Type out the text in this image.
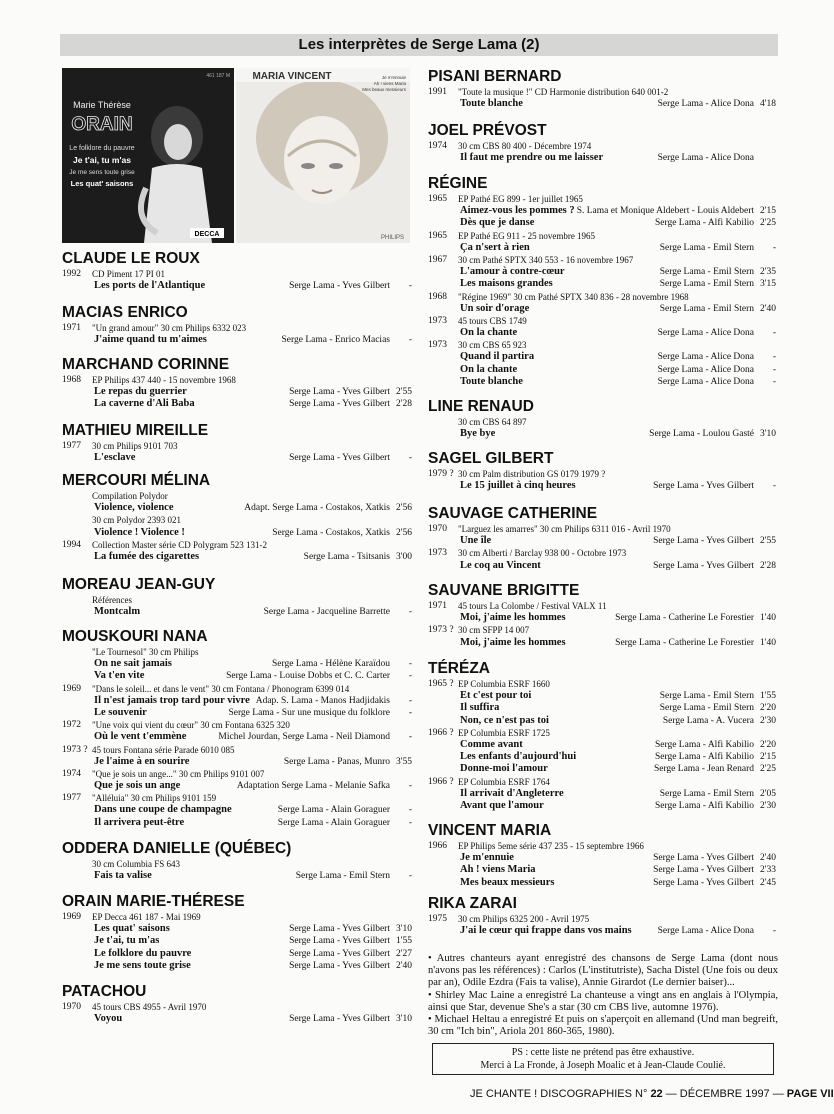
Les interprètes de Serge Lama (2)
461 187 M
Marie Thérèse
ORAIN
Le folklore du pauvre
Je t'ai, tu m'as
Je me sens toute grise
Les quat' saisons
DECCA
MARIA VINCENT	Je m'ennuie
Ah ! viens Maria
Mes beaux messieurs
PHILIPS
CLAUDE LE ROUX
1992	CD Piment 17 PI 01
Les ports de l'Atlantique	Serge Lama - Yves Gilbert	-
MACIAS ENRICO
1971	"Un grand amour" 30 cm Philips 6332 023
J'aime quand tu m'aimes	Serge Lama - Enrico Macias	-
MARCHAND CORINNE
1968	EP Philips 437 440 - 15 novembre 1968
Le repas du guerrier	Serge Lama - Yves Gilbert 2'55
La caverne d'Ali Baba	Serge Lama - Yves Gilbert 2'28
MATHIEU MIREILLE
1977	30 cm Philips 9101 703
L'esclave	Serge Lama - Yves Gilbert	-
MERCOURI MÉLINA
Compilation Polydor
Violence, violence	Adapt. Serge Lama - Costakos, Xatkis 2'56
30 cm Polydor 2393 021
Violence ! Violence !	Serge Lama - Costakos, Xatkis 2'56
1994	Collection Master série CD Polygram 523 131-2
La fumée des cigarettes	Serge Lama - Tsitsanis 3'00
MOREAU JEAN-GUY
Références
Montcalm	Serge Lama - Jacqueline Barrette	-
MOUSKOURI NANA
"Le Tournesol" 30 cm Philips
On ne sait jamais	Serge Lama - Hélène Karaïdou	-
Va t'en vite	Serge Lama - Louise Dobbs et C. C. Carter	-
1969	"Dans le soleil... et dans le vent" 30 cm Fontana / Phonogram 6399 014
Il n'est jamais trop tard pour vivre Adap. S. Lama - Manos Hadjidakis	-
Le souvenir	Serge Lama - Sur une musique du folklore	-
1972	"Une voix qui vient du cœur" 30 cm Fontana 6325 320
Où le vent t'emmène	Michel Jourdan, Serge Lama - Neil Diamond	-
1973 ? 45 tours Fontana série Parade 6010 085
Je l'aime à en sourire	Serge Lama - Panas, Munro 3'55
1974	"Que je sois un ange..." 30 cm Philips 9101 007
Que je sois un ange	Adaptation Serge Lama - Melanie Safka	-
1977	"Alléluia" 30 cm Philips 9101 159
Dans une coupe de champagne	Serge Lama - Alain Goraguer	-
Il arrivera peut-être	Serge Lama - Alain Goraguer	-
ODDERA DANIELLE (QUÉBEC)
30 cm Columbia FS 643
Fais ta valise	Serge Lama - Emil Stern	-
ORAIN MARIE-THÉRESE
1969	EP Decca 461 187 - Mai 1969
Les quat' saisons	Serge Lama - Yves Gilbert 3'10
Je t'ai, tu m'as	Serge Lama - Yves Gilbert 1'55
Le folklore du pauvre	Serge Lama - Yves Gilbert 2'27
Je me sens toute grise	Serge Lama - Yves Gilbert 2'40
PATACHOU
1970	45 tours CBS 4955 - Avril 1970
Voyou	Serge Lama - Yves Gilbert 3'10
PISANI BERNARD
1991	"Toute la musique !" CD Harmonie distribution 640 001-2
Toute blanche	Serge Lama - Alice Dona 4'18
JOEL PRÉVOST
1974	30 cm CBS 80 400 - Décembre 1974
Il faut me prendre ou me laisser	Serge Lama - Alice Dona
RÉGINE
1965	EP Pathé EG 899 - 1er juillet 1965
Aimez-vous les pommes ? S. Lama et Monique Aldebert - Louis Aldebert 2'15
Dès que je danse	Serge Lama - Alfi Kabilio 2'25
1965	EP Pathé EG 911 - 25 novembre 1965
Ça n'sert à rien	Serge Lama - Emil Stern	-
1967	30 cm Pathé SPTX 340 553 - 16 novembre 1967
L'amour à contre-cœur	Serge Lama - Emil Stern 2'35
Les maisons grandes	Serge Lama - Emil Stern 3'15
1968	"Régine 1969" 30 cm Pathé SPTX 340 836 - 28 novembre 1968
Un soir d'orage	Serge Lama - Emil Stern 2'40
1973	45 tours CBS 1749
On la chante	Serge Lama - Alice Dona	-
1973	30 cm CBS 65 923
Quand il partira	Serge Lama - Alice Dona	-
On la chante	Serge Lama - Alice Dona	-
Toute blanche	Serge Lama - Alice Dona	-
LINE RENAUD
30 cm CBS 64 897
Bye bye	Serge Lama - Loulou Gasté 3'10
SAGEL GILBERT
1979 ? 30 cm Palm distribution GS 0179 1979 ?
Le 15 juillet à cinq heures	Serge Lama - Yves Gilbert	-
SAUVAGE CATHERINE
1970	"Larguez les amarres" 30 cm Philips 6311 016 - Avril 1970
Une île	Serge Lama - Yves Gilbert 2'55
1973	30 cm Alberti / Barclay 938 00 - Octobre 1973
Le coq au Vincent	Serge Lama - Yves Gilbert 2'28
SAUVANE BRIGITTE
1971	45 tours La Colombe / Festival VALX 11
Moi, j'aime les hommes	Serge Lama - Catherine Le Forestier 1'40
1973 ? 30 cm SFPP 14 007
Moi, j'aime les hommes	Serge Lama - Catherine Le Forestier 1'40
TÉRÉZA
1965 ? EP Columbia ESRF 1660
Et c'est pour toi	Serge Lama - Emil Stern 1'55
Il suffira	Serge Lama - Emil Stern 2'20
Non, ce n'est pas toi	Serge Lama - A. Vucera 2'30
1966 ? EP Columbia ESRF 1725
Comme avant	Serge Lama - Alfi Kabilio 2'20
Les enfants d'aujourd'hui	Serge Lama - Alfi Kabilio 2'15
Donne-moi l'amour	Serge Lama - Jean Renard 2'25
1966 ? EP Columbia ESRF 1764
Il arrivait d'Angleterre	Serge Lama - Emil Stern 2'05
Avant que l'amour	Serge Lama - Alfi Kabilio 2'30
VINCENT MARIA
1966	EP Philips 5eme série 437 235 - 15 septembre 1966
Je m'ennuie	Serge Lama - Yves Gilbert 2'40
Ah ! viens Maria	Serge Lama - Yves Gilbert 2'33
Mes beaux messieurs	Serge Lama - Yves Gilbert 2'45
RIKA ZARAI
1975	30 cm Philips 6325 200 - Avril 1975
J'ai le cœur qui frappe dans vos mains	Serge Lama - Alice Dona	-

• Autres chanteurs ayant enregistré des chansons de Serge Lama (dont nous n'avons pas les références) : Carlos (L'institutriste), Sacha Distel (Une fois ou deux par an), Odile Ezdra (Fais ta valise), Annie Girardot (Le dernier baiser)...

• Shirley Mac Laine a enregistré La chanteuse a vingt ans en anglais à l'Olympia, ainsi que Star, devenue She's a star (30 cm CBS live, automne 1976).

• Michael Heltau a enregistré Et puis on s'aperçoit en allemand (Und man begreift, 30 cm "Ich bin", Ariola 201 860-365, 1980).

PS : cette liste ne prétend pas être exhaustive.
Merci à La Fronde, à Joseph Moalic et à Jean-Claude Coulié.
JE CHANTE ! DISCOGRAPHIES N° 22 — DÉCEMBRE 1997 — PAGE VII
